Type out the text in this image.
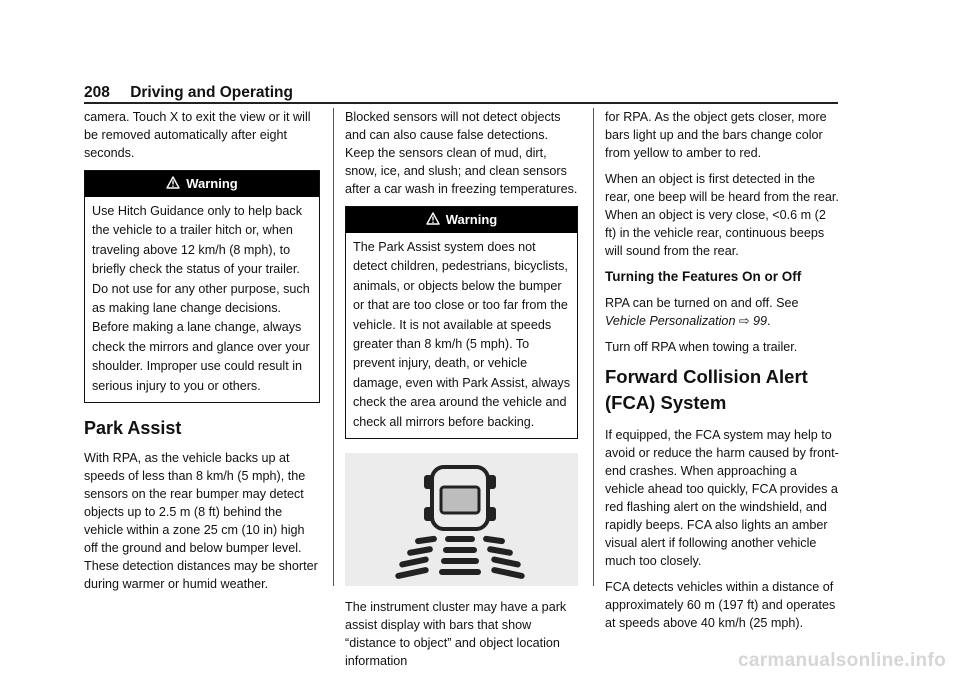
208 Driving and Operating

camera. Touch X to exit the view or it will be removed automatically after eight seconds.

Warning
Use Hitch Guidance only to help back the vehicle to a trailer hitch or, when traveling above 12 km/h (8 mph), to briefly check the status of your trailer. Do not use for any other purpose, such as making lane change decisions. Before making a lane change, always check the mirrors and glance over your shoulder. Improper use could result in serious injury to you or others.
Park Assist

With RPA, as the vehicle backs up at speeds of less than 8 km/h (5 mph), the sensors on the rear bumper may detect objects up to 2.5 m (8 ft) behind the vehicle within a zone 25 cm (10 in) high off the ground and below bumper level. These detection distances may be shorter during warmer or humid weather.

Blocked sensors will not detect objects and can also cause false detections. Keep the sensors clean of mud, dirt, snow, ice, and slush; and clean sensors after a car wash in freezing temperatures.

Warning
The Park Assist system does not detect children, pedestrians, bicyclists, animals, or objects below the bumper or that are too close or too far from the vehicle. It is not available at speeds greater than 8 km/h (5 mph). To prevent injury, death, or vehicle damage, even with Park Assist, always check the area around the vehicle and check all mirrors before backing.

The instrument cluster may have a park assist display with bars that show “distance to object” and object location information

for RPA. As the object gets closer, more bars light up and the bars change color from yellow to amber to red.

When an object is first detected in the rear, one beep will be heard from the rear. When an object is very close, <0.6 m (2 ft) in the vehicle rear, continuous beeps will sound from the rear.

Turning the Features On or Off

RPA can be turned on and off. See Vehicle Personalization ⇨ 99.

Turn off RPA when towing a trailer.

Forward Collision Alert (FCA) System

If equipped, the FCA system may help to avoid or reduce the harm caused by front-end crashes. When approaching a vehicle ahead too quickly, FCA provides a red flashing alert on the windshield, and rapidly beeps. FCA also lights an amber visual alert if following another vehicle much too closely.

FCA detects vehicles within a distance of approximately 60 m (197 ft) and operates at speeds above 40 km/h (25 mph).

carmanualsonline.info
